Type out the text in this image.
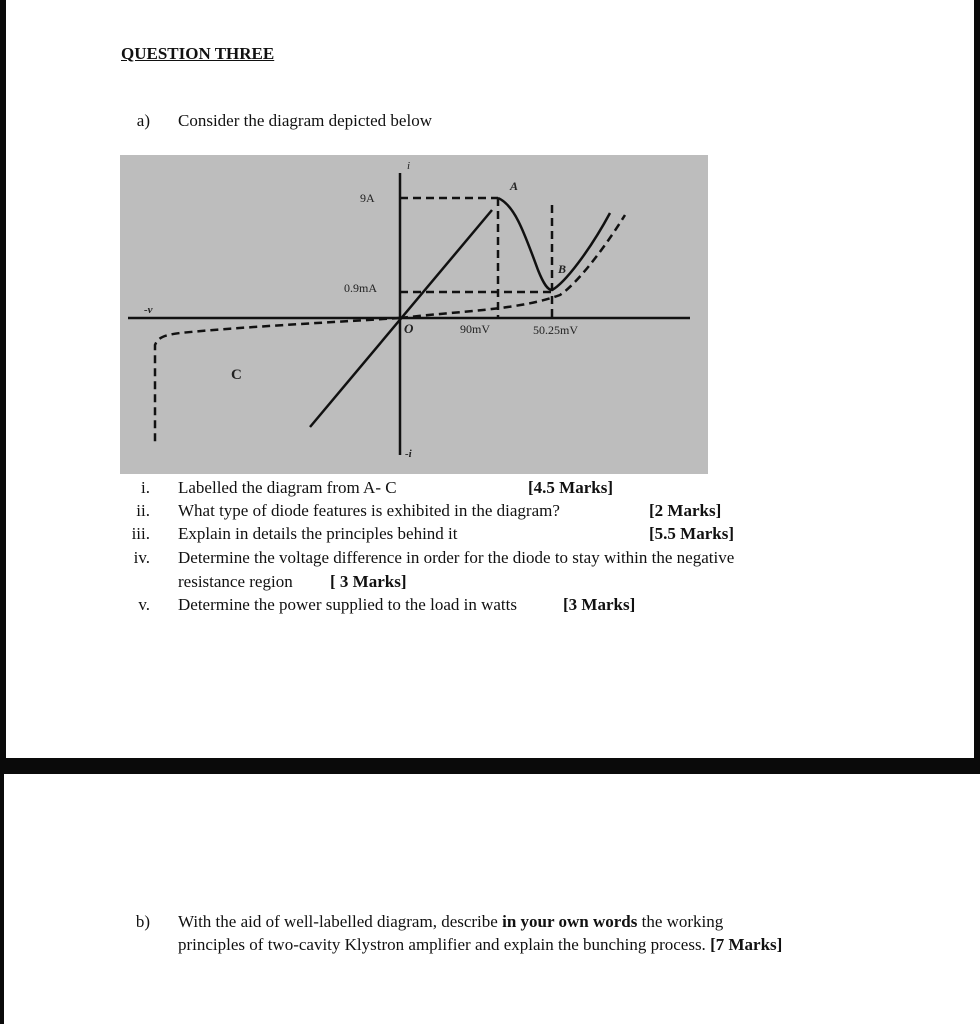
QUESTION THREE
a) Consider the diagram depicted below
9A
0.9mA
90mV	50.25mV
C
A
B
O
-v
i
-i
i. Labelled the diagram from A- C	[4.5 Marks]
ii. What type of diode features is exhibited in the diagram?	[2 Marks]
iii. Explain in details the principles behind it	[5.5 Marks]
iv. Determine the voltage difference in order for the diode to stay within the negative
resistance region [ 3 Marks]
v. Determine the power supplied to the load in watts	[3 Marks]
b) With the aid of well-labelled diagram, describe in your own words the working
principles of two-cavity Klystron amplifier and explain the bunching process. [7 Marks]
